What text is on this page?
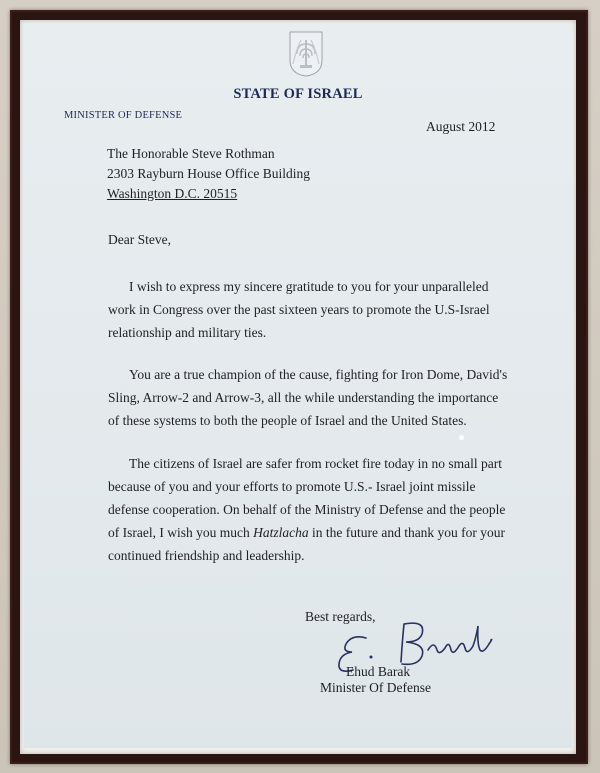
STATE OF ISRAEL
MINISTER OF DEFENSE
August 2012
The Honorable Steve Rothman
2303 Rayburn House Office Building
Washington D.C. 20515
Dear Steve,
I wish to express my sincere gratitude to you for your unparalleled
work in Congress over the past sixteen years to promote the U.S-Israel
relationship and military ties.
You are a true champion of the cause, fighting for Iron Dome, David's
Sling, Arrow-2 and Arrow-3, all the while understanding the importance
of these systems to both the people of Israel and the United States.
The citizens of Israel are safer from rocket fire today in no small part
because of you and your efforts to promote U.S.- Israel joint missile
defense cooperation. On behalf of the Ministry of Defense and the people
of Israel, I wish you much Hatzlacha in the future and thank you for your
continued friendship and leadership.
Best regards,
Ehud Barak
Minister Of Defense
